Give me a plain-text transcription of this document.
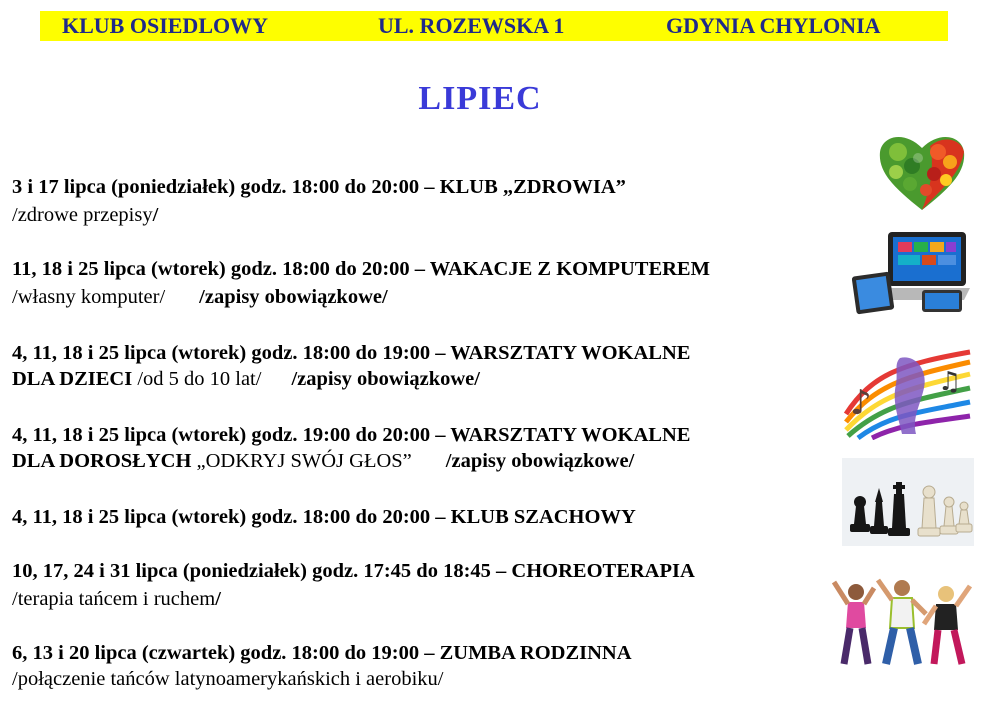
KLUB OSIEDLOWY	UL. ROZEWSKA 1	GDYNIA CHYLONIA
LIPIEC
3 i 17 lipca (poniedziałek) godz. 18:00 do 20:00 – KLUB „ZDROWIA”
/zdrowe przepisy/
11, 18 i 25 lipca (wtorek) godz. 18:00 do 20:00 – WAKACJE Z KOMPUTEREM
/własny komputer/ /zapisy obowiązkowe/
4, 11, 18 i 25 lipca (wtorek) godz. 18:00 do 19:00 – WARSZTATY WOKALNE
DLA DZIECI /od 5 do 10 lat/ /zapisy obowiązkowe/
4, 11, 18 i 25 lipca (wtorek) godz. 19:00 do 20:00 – WARSZTATY WOKALNE
DLA DOROSŁYCH „ODKRYJ SWÓJ GŁOS” /zapisy obowiązkowe/
4, 11, 18 i 25 lipca (wtorek) godz. 18:00 do 20:00 – KLUB SZACHOWY
10, 17, 24 i 31 lipca (poniedziałek) godz. 17:45 do 18:45 – CHOREOTERAPIA
/terapia tańcem i ruchem/
6, 13 i 20 lipca (czwartek) godz. 18:00 do 19:00 – ZUMBA RODZINNA
/połączenie tańców latynoamerykańskich i aerobiku/
♪
♫
